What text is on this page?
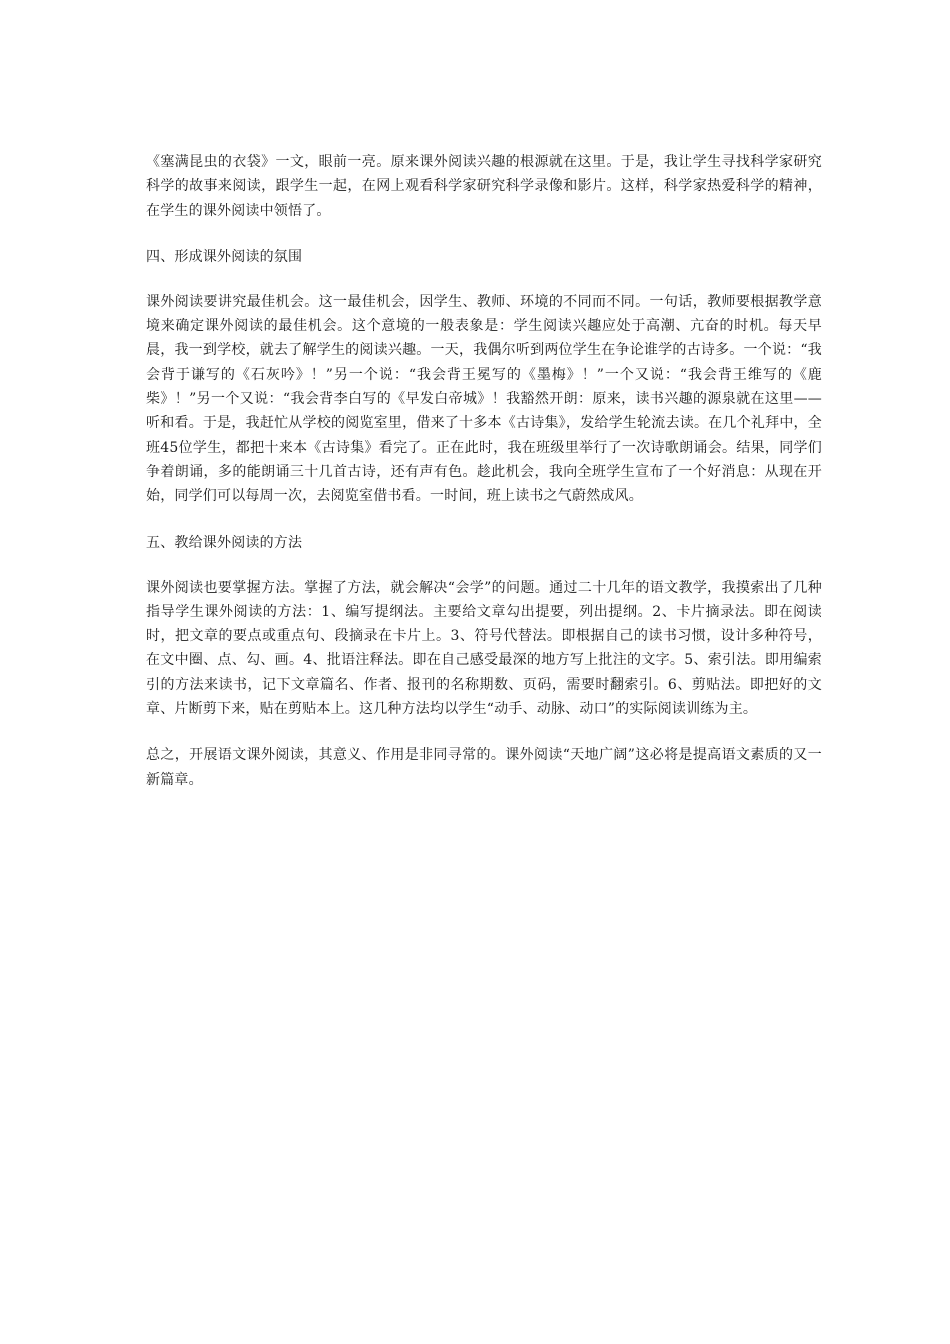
《塞满昆虫的衣袋》一文，眼前一亮。原来课外阅读兴趣的根源就在这里。于是，我让学生寻找科学家研究科学的故事来阅读，跟学生一起，在网上观看科学家研究科学录像和影片。这样，科学家热爱科学的精神，在学生的课外阅读中领悟了。

四、形成课外阅读的氛围

课外阅读要讲究最佳机会。这一最佳机会，因学生、教师、环境的不同而不同。一句话，教师要根据教学意境来确定课外阅读的最佳机会。这个意境的一般表象是：学生阅读兴趣应处于高潮、亢奋的时机。每天早晨，我一到学校，就去了解学生的阅读兴趣。一天，我偶尔听到两位学生在争论谁学的古诗多。一个说：“我会背于谦写的《石灰吟》！”另一个说：“我会背王冕写的《墨梅》！”一个又说：“我会背王维写的《鹿柴》！”另一个又说：“我会背李白写的《早发白帝城》！我豁然开朗：原来，读书兴趣的源泉就在这里——听和看。于是，我赶忙从学校的阅览室里，借来了十多本《古诗集》，发给学生轮流去读。在几个礼拜中，全班45位学生，都把十来本《古诗集》看完了。正在此时，我在班级里举行了一次诗歌朗诵会。结果，同学们争着朗诵，多的能朗诵三十几首古诗，还有声有色。趁此机会，我向全班学生宣布了一个好消息：从现在开始，同学们可以每周一次，去阅览室借书看。一时间，班上读书之气蔚然成风。

五、教给课外阅读的方法

课外阅读也要掌握方法。掌握了方法，就会解决“会学”的问题。通过二十几年的语文教学，我摸索出了几种指导学生课外阅读的方法：1、编写提纲法。主要给文章勾出提要，列出提纲。2、卡片摘录法。即在阅读时，把文章的要点或重点句、段摘录在卡片上。3、符号代替法。即根据自己的读书习惯，设计多种符号，在文中圈、点、勾、画。4、批语注释法。即在自己感受最深的地方写上批注的文字。5、索引法。即用编索引的方法来读书，记下文章篇名、作者、报刊的名称期数、页码，需要时翻索引。6、剪贴法。即把好的文章、片断剪下来，贴在剪贴本上。这几种方法均以学生“动手、动脉、动口”的实际阅读训练为主。

总之，开展语文课外阅读，其意义、作用是非同寻常的。课外阅读“天地广阔”这必将是提高语文素质的又一新篇章。
